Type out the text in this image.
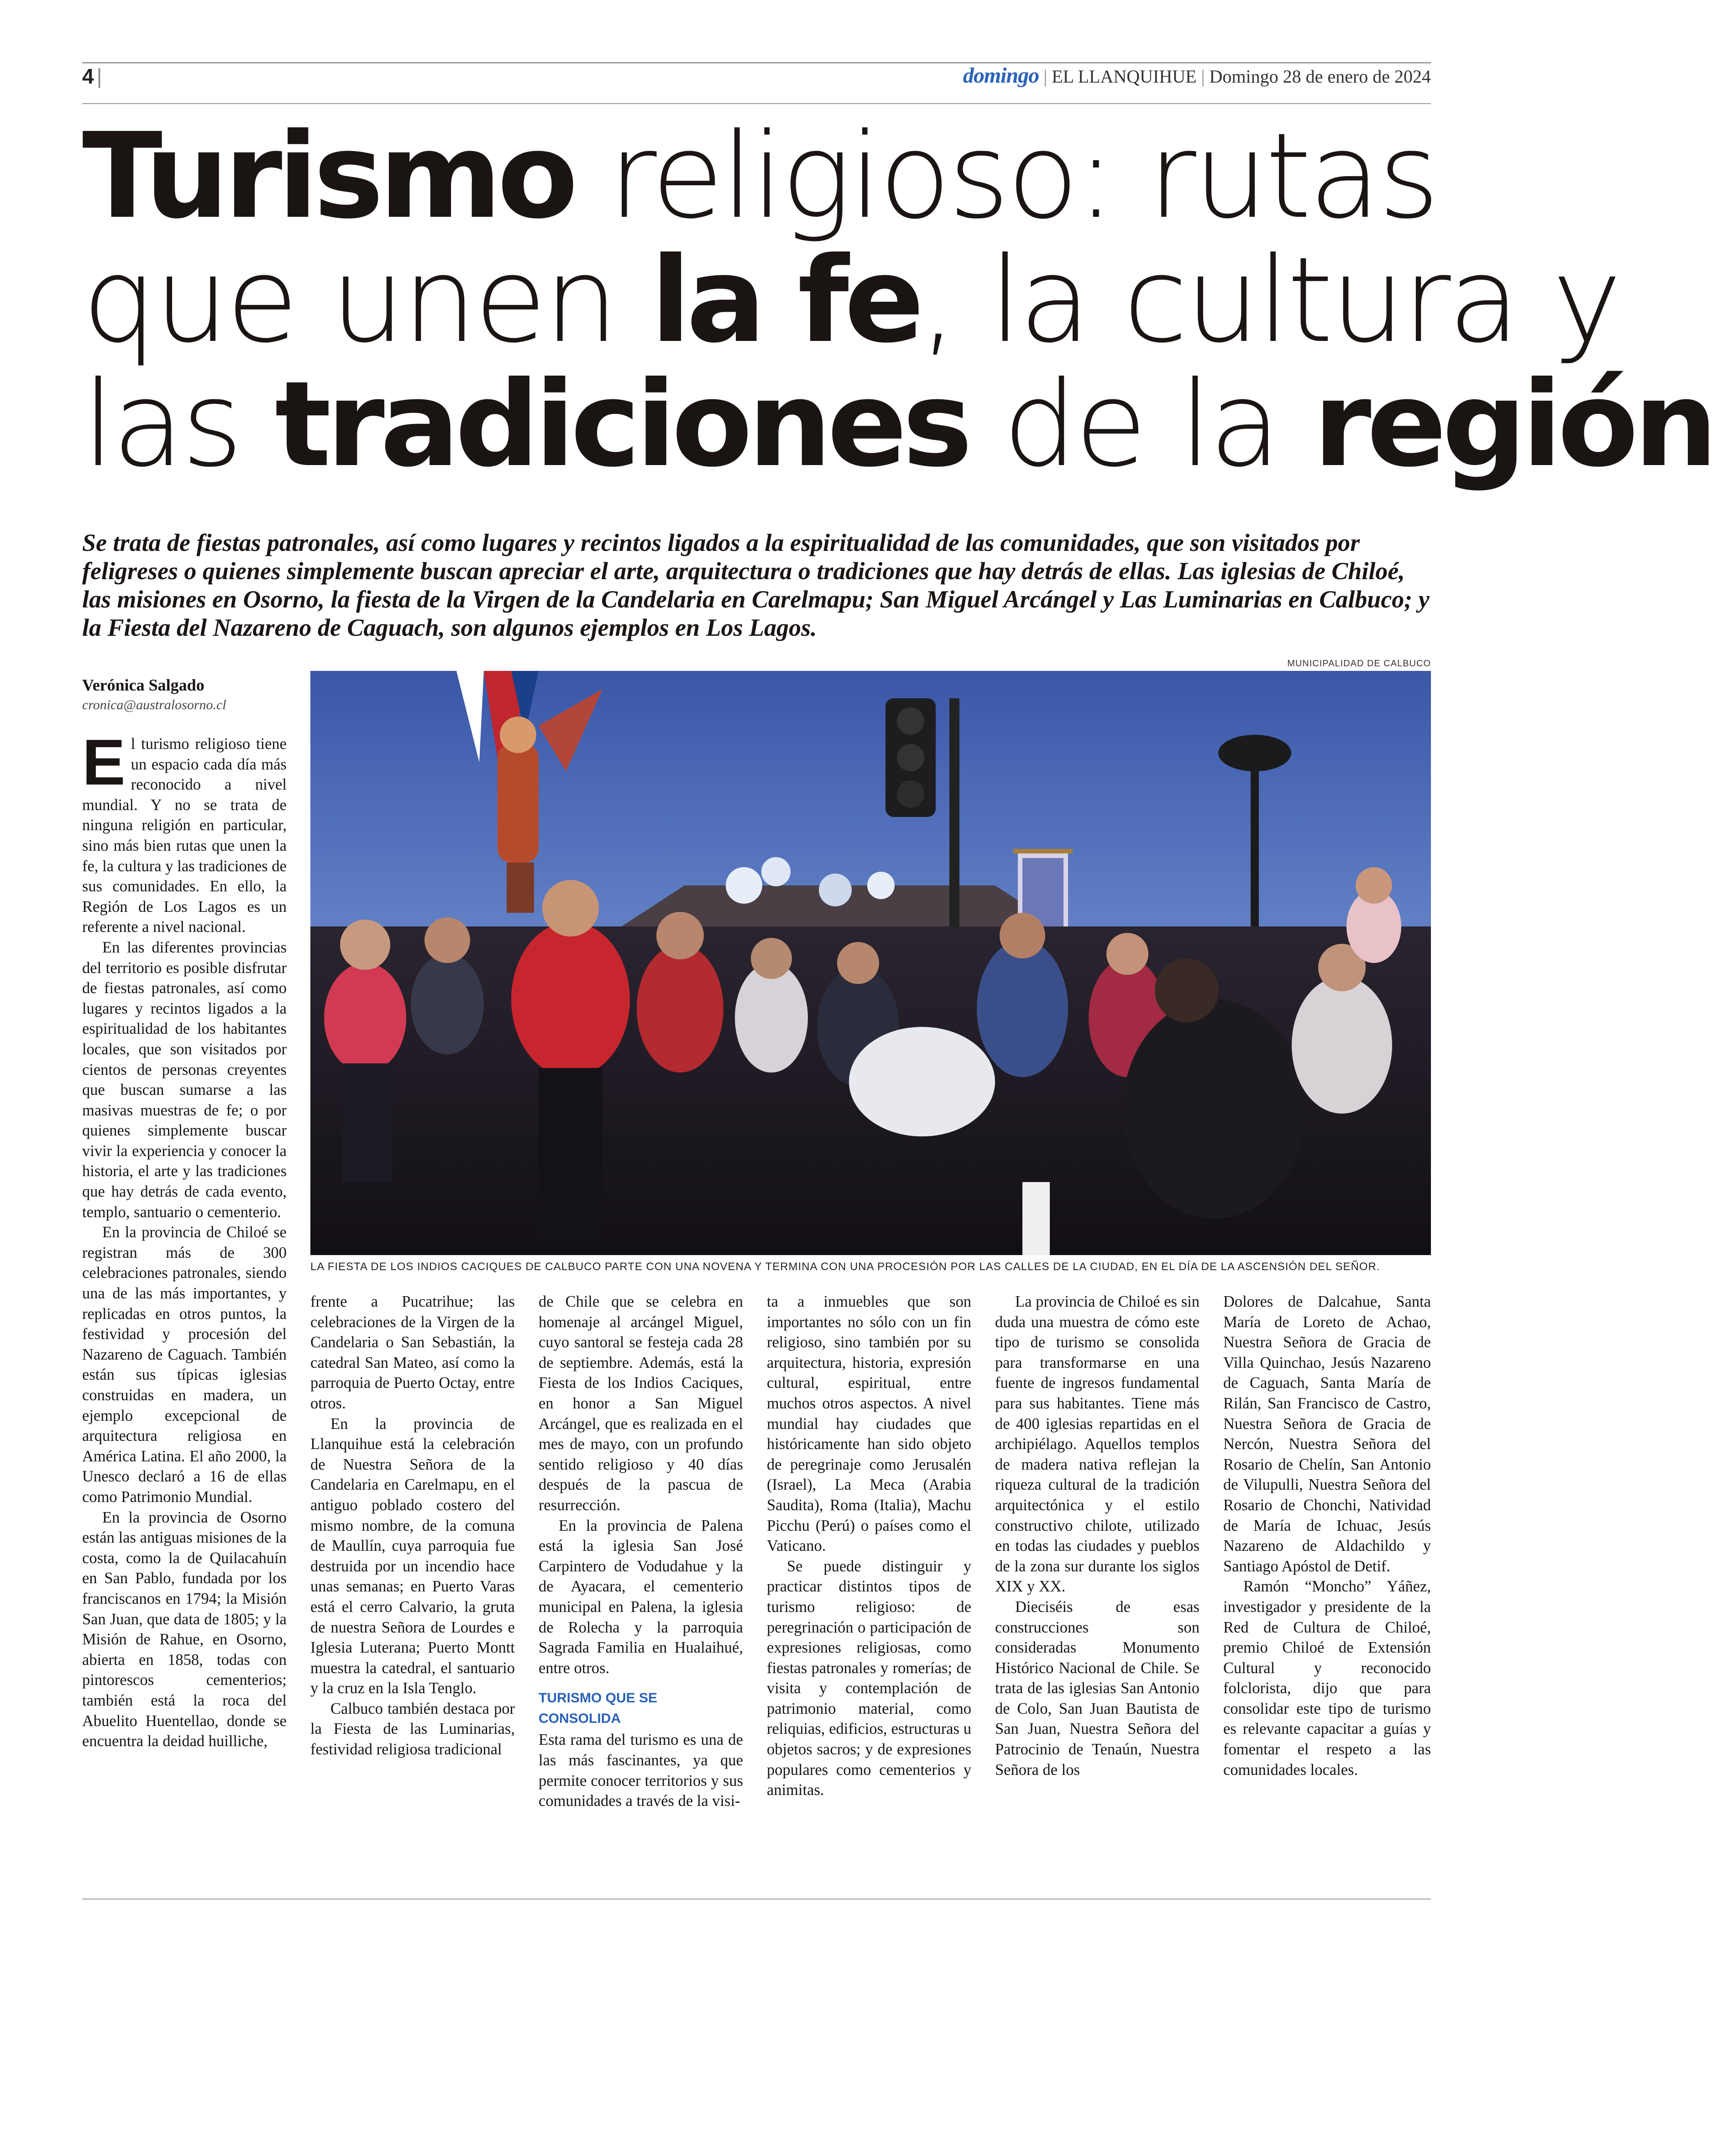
4 |	domingo | EL LLANQUIHUE | Domingo 28 de enero de 2024
Turismo religioso: rutas
que unen la fe, la cultura y
las tradiciones de la región

Se trata de fiestas patronales, así como lugares y recintos ligados a la espiritualidad de las comunidades, que son visitados por feligreses o quienes simplemente buscan apreciar el arte, arquitectura o tradiciones que hay detrás de ellas. Las iglesias de Chiloé, las misiones en Osorno, la fiesta de la Virgen de la Candelaria en Carelmapu; San Miguel Arcángel y Las Luminarias en Calbuco; y la Fiesta del Nazareno de Caguach, son algunos ejemplos en Los Lagos.

Verónica Salgado
cronica@australosorno.cl
MUNICIPALIDAD DE CALBUCO
LA FIESTA DE LOS INDIOS CACIQUES DE CALBUCO PARTE CON UNA NOVENA Y TERMINA CON UNA PROCESIÓN POR LAS CALLES DE LA CIUDAD, EN EL DÍA DE LA ASCENSIÓN DEL SEÑOR.

El turismo religioso tiene un espacio cada día más reconocido a nivel mundial. Y no se trata de ninguna religión en particular, sino más bien rutas que unen la fe, la cultura y las tradiciones de sus comunidades. En ello, la Región de Los Lagos es un referente a nivel nacional.

En las diferentes provincias del territorio es posible disfrutar de fiestas patronales, así como lugares y recintos ligados a la espiritualidad de los habitantes locales, que son visitados por cientos de personas creyentes que buscan sumarse a las masivas muestras de fe; o por quienes simplemente buscar vivir la experiencia y conocer la historia, el arte y las tradiciones que hay detrás de cada evento, templo, santuario o cementerio.

En la provincia de Chiloé se registran más de 300 celebraciones patronales, siendo una de las más importantes, y replicadas en otros puntos, la festividad y procesión del Nazareno de Caguach. También están sus típicas iglesias construidas en madera, un ejemplo excepcional de arquitectura religiosa en América Latina. El año 2000, la Unesco declaró a 16 de ellas como Patrimonio Mundial.

En la provincia de Osorno están las antiguas misiones de la costa, como la de Quilacahuín en San Pablo, fundada por los franciscanos en 1794; la Misión San Juan, que data de 1805; y la Misión de Rahue, en Osorno, abierta en 1858, todas con pintorescos cementerios; también está la roca del Abuelito Huentellao, donde se encuentra la deidad huilliche,

frente a Pucatrihue; las celebraciones de la Virgen de la Candelaria o San Sebastián, la catedral San Mateo, así como la parroquia de Puerto Octay, entre otros.

En la provincia de Llanquihue está la celebración de Nuestra Señora de la Candelaria en Carelmapu, en el antiguo poblado costero del mismo nombre, de la comuna de Maullín, cuya parroquia fue destruida por un incendio hace unas semanas; en Puerto Varas está el cerro Calvario, la gruta de nuestra Señora de Lourdes e Iglesia Luterana; Puerto Montt muestra la catedral, el santuario y la cruz en la Isla Tenglo.

Calbuco también destaca por la Fiesta de las Luminarias, festividad religiosa tradicional

de Chile que se celebra en homenaje al arcángel Miguel, cuyo santoral se festeja cada 28 de septiembre. Además, está la Fiesta de los Indios Caciques, en honor a San Miguel Arcángel, que es realizada en el mes de mayo, con un profundo sentido religioso y 40 días después de la pascua de resurrección.

En la provincia de Palena está la iglesia San José Carpintero de Vodudahue y la de Ayacara, el cementerio municipal en Palena, la iglesia de Rolecha y la parroquia Sagrada Familia en Hualaihué, entre otros.

TURISMO QUE SE CONSOLIDA

Esta rama del turismo es una de las más fascinantes, ya que permite conocer territorios y sus comunidades a través de la visi-

ta a inmuebles que son importantes no sólo con un fin religioso, sino también por su arquitectura, historia, expresión cultural, espiritual, entre muchos otros aspectos. A nivel mundial hay ciudades que históricamente han sido objeto de peregrinaje como Jerusalén (Israel), La Meca (Arabia Saudita), Roma (Italia), Machu Picchu (Perú) o países como el Vaticano.

Se puede distinguir y practicar distintos tipos de turismo religioso: de peregrinación o participación de expresiones religiosas, como fiestas patronales y romerías; de visita y contemplación de patrimonio material, como reliquias, edificios, estructuras u objetos sacros; y de expresiones populares como cementerios y animitas.

La provincia de Chiloé es sin duda una muestra de cómo este tipo de turismo se consolida para transformarse en una fuente de ingresos fundamental para sus habitantes. Tiene más de 400 iglesias repartidas en el archipiélago. Aquellos templos de madera nativa reflejan la riqueza cultural de la tradición arquitectónica y el estilo constructivo chilote, utilizado en todas las ciudades y pueblos de la zona sur durante los siglos XIX y XX.

Dieciséis de esas construcciones son consideradas Monumento Histórico Nacional de Chile. Se trata de las iglesias San Antonio de Colo, San Juan Bautista de San Juan, Nuestra Señora del Patrocinio de Tenaún, Nuestra Señora de los

Dolores de Dalcahue, Santa María de Loreto de Achao, Nuestra Señora de Gracia de Villa Quinchao, Jesús Nazareno de Caguach, Santa María de Rilán, San Francisco de Castro, Nuestra Señora de Gracia de Nercón, Nuestra Señora del Rosario de Chelín, San Antonio de Vilupulli, Nuestra Señora del Rosario de Chonchi, Natividad de María de Ichuac, Jesús Nazareno de Aldachildo y Santiago Apóstol de Detif.

Ramón “Moncho” Yáñez, investigador y presidente de la Red de Cultura de Chiloé, premio Chiloé de Extensión Cultural y reconocido folclorista, dijo que para consolidar este tipo de turismo es relevante capacitar a guías y fomentar el respeto a las comunidades locales.
